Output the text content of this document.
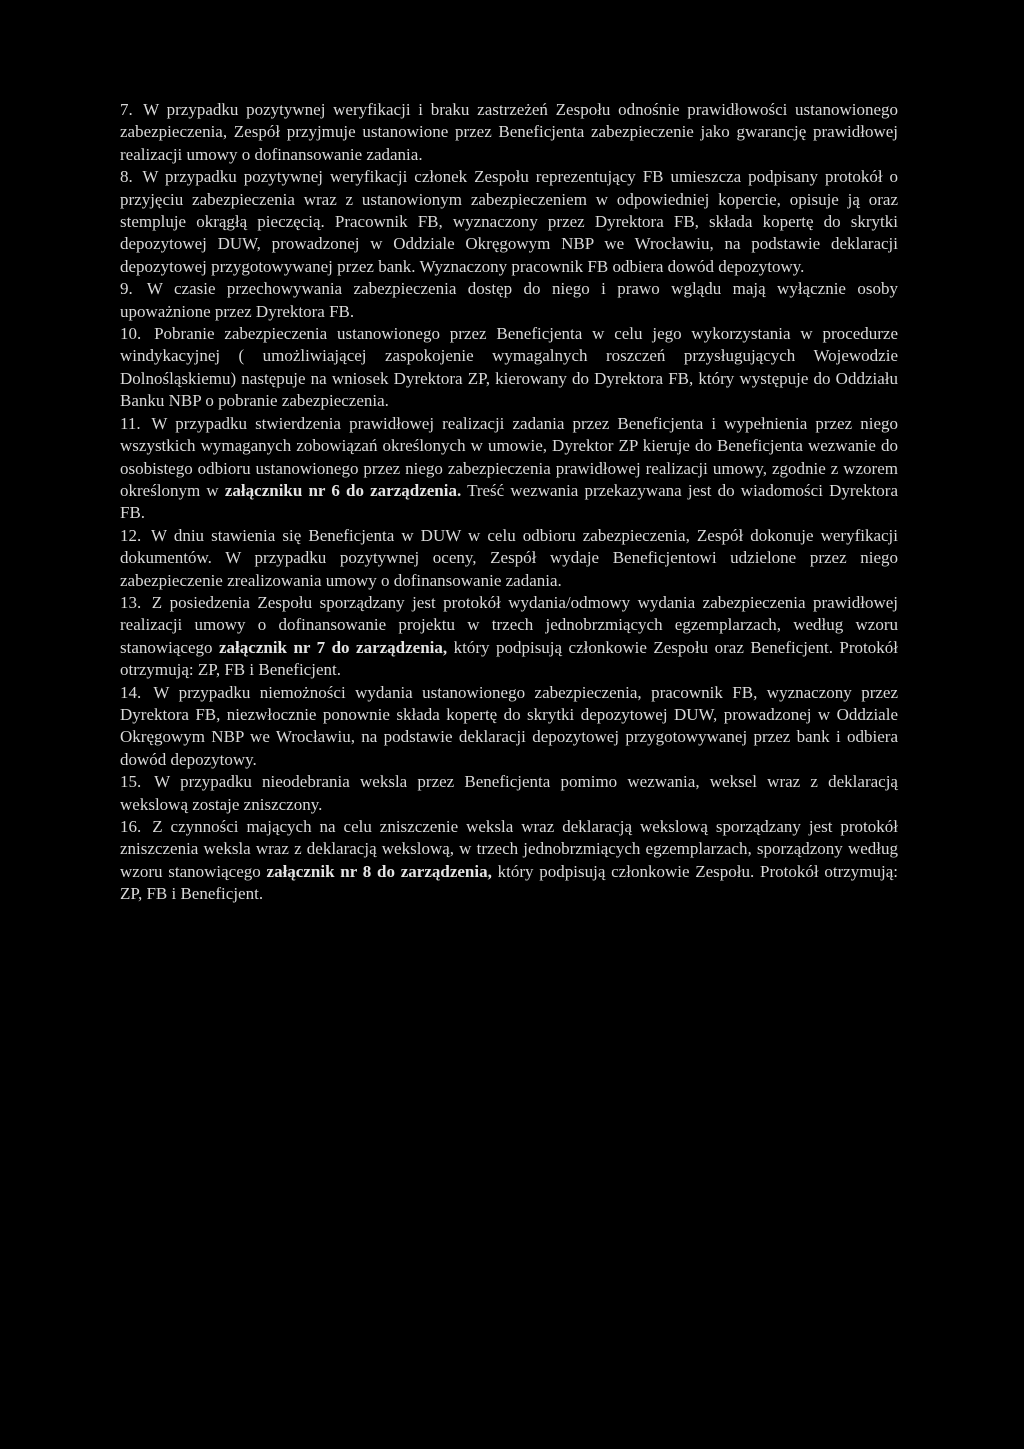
7. W przypadku pozytywnej weryfikacji i braku zastrzeżeń Zespołu odnośnie prawidłowości ustanowionego zabezpieczenia, Zespół przyjmuje ustanowione przez Beneficjenta zabezpieczenie jako gwarancję prawidłowej realizacji umowy o dofinansowanie zadania.

8. W przypadku pozytywnej weryfikacji członek Zespołu reprezentujący FB umieszcza podpisany protokół o przyjęciu zabezpieczenia wraz z ustanowionym zabezpieczeniem w odpowiedniej kopercie, opisuje ją oraz stempluje okrągłą pieczęcią. Pracownik FB, wyznaczony przez Dyrektora FB, składa kopertę do skrytki depozytowej DUW, prowadzonej w Oddziale Okręgowym NBP we Wrocławiu, na podstawie deklaracji depozytowej przygotowywanej przez bank. Wyznaczony pracownik FB odbiera dowód depozytowy.

9. W czasie przechowywania zabezpieczenia dostęp do niego i prawo wglądu mają wyłącznie osoby upoważnione przez Dyrektora FB.

10. Pobranie zabezpieczenia ustanowionego przez Beneficjenta w celu jego wykorzystania w procedurze windykacyjnej ( umożliwiającej zaspokojenie wymagalnych roszczeń przysługujących Wojewodzie Dolnośląskiemu) następuje na wniosek Dyrektora ZP, kierowany do Dyrektora FB, który występuje do Oddziału Banku NBP o pobranie zabezpieczenia.

11. W przypadku stwierdzenia prawidłowej realizacji zadania przez Beneficjenta i wypełnienia przez niego wszystkich wymaganych zobowiązań określonych w umowie, Dyrektor ZP kieruje do Beneficjenta wezwanie do osobistego odbioru ustanowionego przez niego zabezpieczenia prawidłowej realizacji umowy, zgodnie z wzorem określonym w załączniku nr 6 do zarządzenia. Treść wezwania przekazywana jest do wiadomości Dyrektora FB.

12. W dniu stawienia się Beneficjenta w DUW w celu odbioru zabezpieczenia, Zespół dokonuje weryfikacji dokumentów. W przypadku pozytywnej oceny, Zespół wydaje Beneficjentowi udzielone przez niego zabezpieczenie zrealizowania umowy o dofinansowanie zadania.

13. Z posiedzenia Zespołu sporządzany jest protokół wydania/odmowy wydania zabezpieczenia prawidłowej realizacji umowy o dofinansowanie projektu w trzech jednobrzmiących egzemplarzach, według wzoru stanowiącego załącznik nr 7 do zarządzenia, który podpisują członkowie Zespołu oraz Beneficjent. Protokół otrzymują: ZP, FB i Beneficjent.

14. W przypadku niemożności wydania ustanowionego zabezpieczenia, pracownik FB, wyznaczony przez Dyrektora FB, niezwłocznie ponownie składa kopertę do skrytki depozytowej DUW, prowadzonej w Oddziale Okręgowym NBP we Wrocławiu, na podstawie deklaracji depozytowej przygotowywanej przez bank i odbiera dowód depozytowy.

15. W przypadku nieodebrania weksla przez Beneficjenta pomimo wezwania, weksel wraz z deklaracją wekslową zostaje zniszczony.

16. Z czynności mających na celu zniszczenie weksla wraz deklaracją wekslową sporządzany jest protokół zniszczenia weksla wraz z deklaracją wekslową, w trzech jednobrzmiących egzemplarzach, sporządzony według wzoru stanowiącego załącznik nr 8 do zarządzenia, który podpisują członkowie Zespołu. Protokół otrzymują: ZP, FB i Beneficjent.
